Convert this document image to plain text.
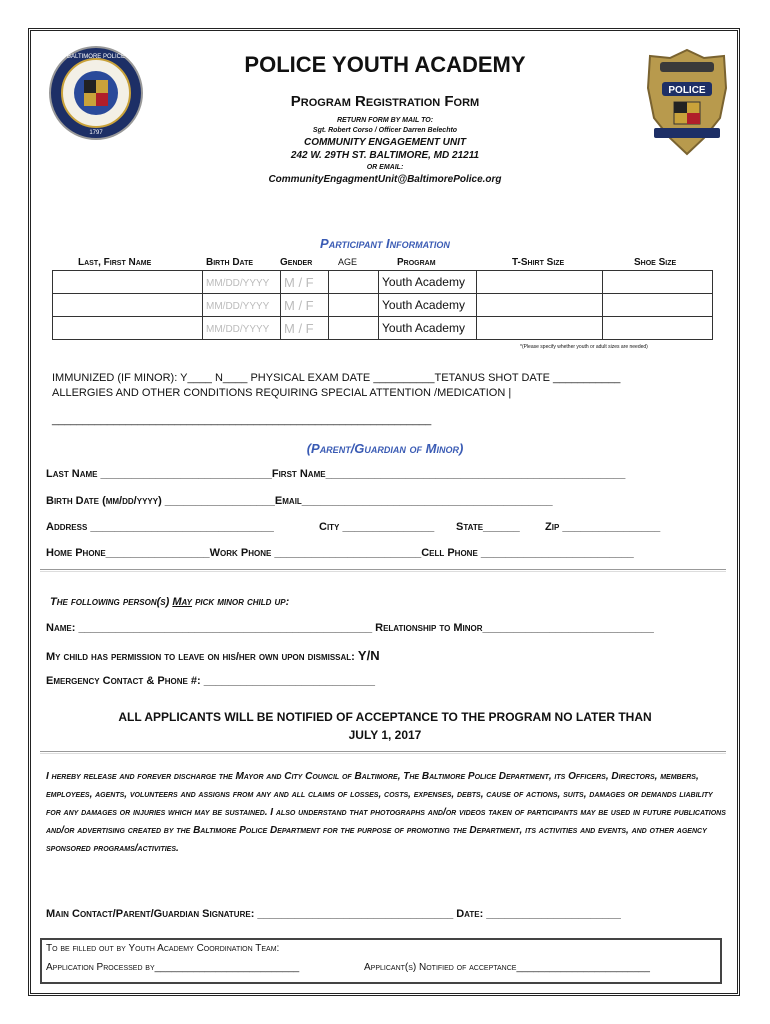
BALTIMORE POLICE
1797
POLICE
POLICE YOUTH ACADEMY
Program Registration Form
RETURN FORM BY MAIL TO:
Sgt. Robert Corso / Officer Darren Belechto
COMMUNITY ENGAGEMENT UNIT
242 W. 29TH ST. BALTIMORE, MD 21211
OR EMAIL:
CommunityEngagmentUnit@BaltimorePolice.org
Participant Information
Last, First Name	Birth Date	Gender	AGE	Program	T-Shirt Size	Shoe Size
	MM/DD/YYYY	M / F		Youth Academy		
	MM/DD/YYYY	M / F		Youth Academy		
	MM/DD/YYYY	M / F		Youth Academy		
*(Please specify whether youth or adult sizes are needed)
IMMUNIZED (IF MINOR): Y____ N____ PHYSICAL EXAM DATE __________TETANUS SHOT DATE ___________
ALLERGIES AND OTHER CONDITIONS REQUIRING SPECIAL ATTENTION /MEDICATION |
______________________________________________________________
(Parent/Guardian of Minor)
Last Name ____________________________First Name_________________________________________________
Birth Date (mm/dd/yyyy) __________________Email_________________________________________
Address ______________________________	City _______________ State______ Zip ________________
Home Phone_________________Work Phone ________________________Cell Phone _________________________
The following person(s) May pick minor child up:
Name: ________________________________________________ Relationship to Minor____________________________
My child has permission to leave on his/her own upon dismissal: Y/N
Emergency Contact & Phone #: ____________________________
ALL APPLICANTS WILL BE NOTIFIED OF ACCEPTANCE TO THE PROGRAM NO LATER THAN
JULY 1, 2017
I hereby release and forever discharge the Mayor and City Council of Baltimore, The Baltimore Police Department, its Officers, Directors, members, employees, agents, volunteers and assigns from any and all claims of losses, costs, expenses, debts, cause of actions, suits, damages or demands liability for any damages or injuries which may be sustained. I also understand that photographs and/or videos taken of participants may be used in future publications and/or advertising created by the Baltimore Police Department for the purpose of promoting the Department, its activities and events, and other agency sponsored programs/activities.
Main Contact/Parent/Guardian Signature: ________________________________ Date: ______________________
To be filled out by Youth Academy Coordination Team:
Application Processed by__________________________	Applicant(s) Notified of acceptance________________________
